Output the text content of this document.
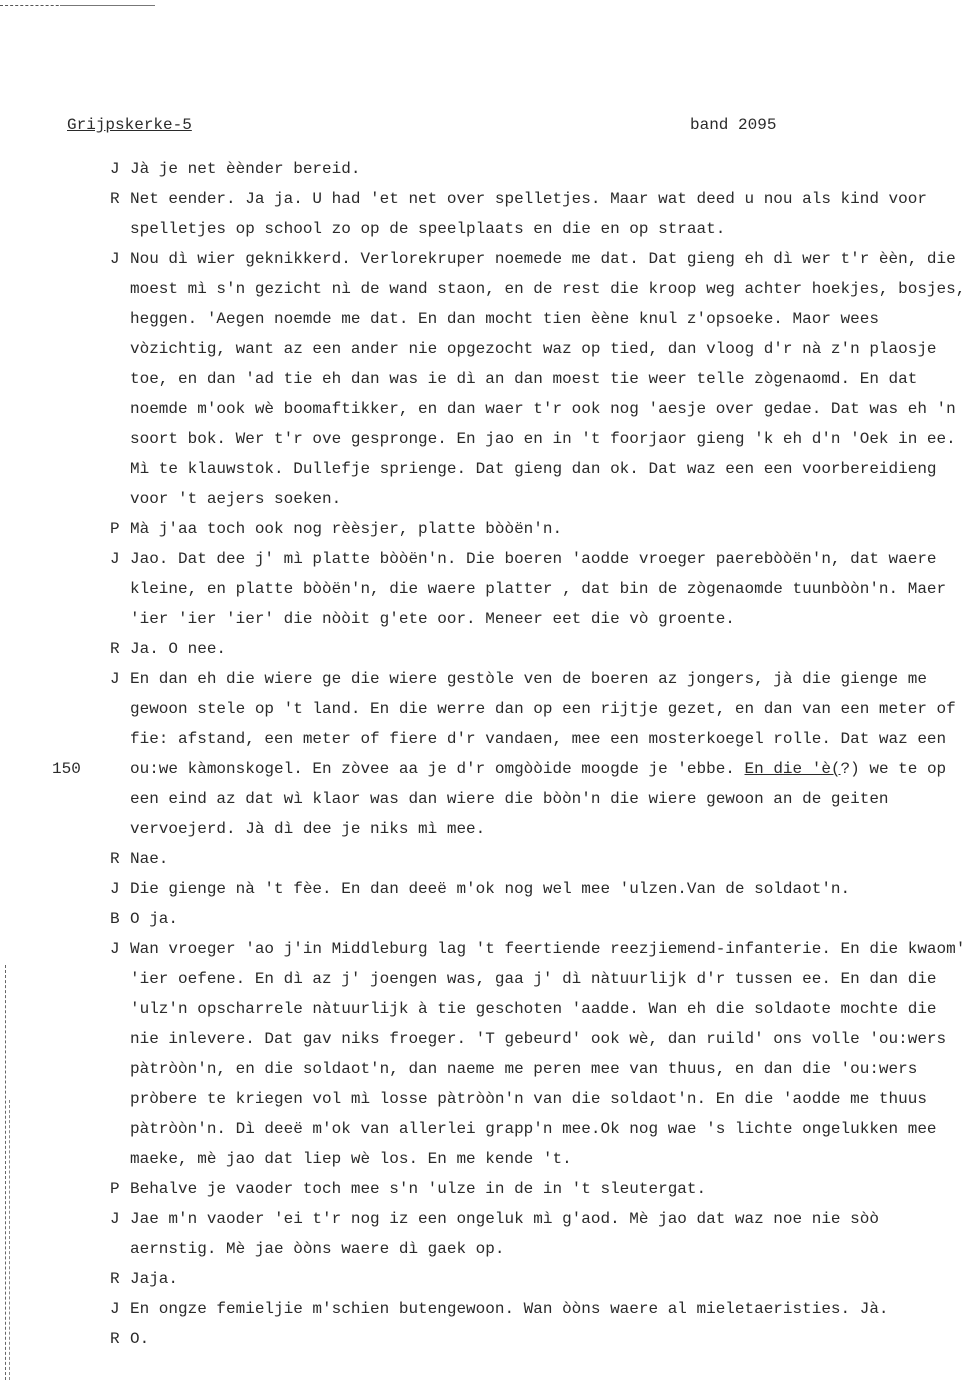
Grijpskerke-5	band 2095
J Jà je net èènder bereid.
R Net eender. Ja ja. U had 'et net over spelletjes. Maar wat deed u nou als kind voor spelletjes op school zo op de speelplaats en die en op straat.
J Nou dì wier geknikkerd. Verlorekruper noemede me dat. Dat gieng eh dì wer t'r èèn, die moest mì s'n gezicht nì de wand staon, en de rest die kroop weg achter hoekjes, bosjes, heggen. 'Aegen noemde me dat. En dan mocht tien èène knul z'opsoeke. Maor wees vòzichtig, want az een ander nie opgezocht waz op tied, dan vloog d'r nà z'n plaosje toe, en dan 'ad tie eh dan was ie dì an dan moest tie weer telle zògenaomd. En dat noemde m'ook wè boomaftikker, en dan waer t'r ook nog 'aesje over gedae. Dat was eh 'n soort bok. Wer t'r ove gespronge. En jao en in 't foorjaor gieng 'k eh d'n 'Oek in ee. Mì te klauwstok. Dullefje spriengе. Dat gieng dan ok. Dat waz een een voorbereidieng voor 't aejers soeken.
P Mà j'aa toch ook nog rèèsjer, platte bòòën'n.
J Jao. Dat dee j' mì platte bòòën'n. Die boeren 'aodde vroeger paerebòòën'n, dat waere kleine, en platte bòòën'n, die waere platter , dat bin de zògenaomde tuunbòòn'n. Maer 'ier 'ier 'ier' die nòòit g'ete oor. Meneer eet die vò groente.
R Ja. O nee.
150
J En dan eh die wiere ge die wiere gestòle ven de boeren az jongers, jà die gienge me gewoon stele op 't land. En die werre dan op een rijtje gezet, en dan van een meter of fie: afstand, een meter of fiere d'r vandaen, mee een mosterkoegel rolle. Dat waz een ou:we kàmonskogel. En zòvee aa je d'r omgòòide moogde je 'ebbe. En die 'è(?) we te op een eind az dat wì klaor was dan wiere die bòòn'n die wiere gewoon an de geiten vervoejerd. Jà dì dee je niks mì mee.
R Nae.
J Die gienge nà 't fèe. En dan deeë m'ok nog wel mee 'ulzen.Van de soldaot'n.
B O ja.
J Wan vroeger 'ao j'in Middleburg lag 't feertiende reezjiemend-infanterie. En die kwaom' 'ier oefene. En dì az j' joengen was, gaa j' dì nàtuurlijk d'r tussen ee. En dan die 'ulz'n opscharrele nàtuurlijk à tie geschoten 'aadde. Wan eh die soldaote mochte die nie inlevere. Dat gav niks froeger. 'T gebeurd' ook wè, dan ruild' ons volle 'ou:wers pàtròòn'n, en die soldaot'n, dan naeme me peren mee van thuus, en dan die 'ou:wers pròbere te kriegen vol mì losse pàtròòn'n van die soldaot'n. En die 'aodde me thuus pàtròòn'n. Dì deeë m'ok van allerlei grapp'n mee.Ok nog wae 's lichte ongelukken mee maeke, mè jao dat liep wè los. En me kende 't.
P Behalve je vaoder toch mee s'n 'ulze in de in 't sleutergat.
J Jae m'n vaoder 'ei t'r nog iz een ongeluk mì g'aod. Mè jao dat waz noe nie sòò aernstig. Mè jae òòns waere dì gaek op.
R Jaja.
J En ongze femieljie m'schien butengewoon. Wan òòns waere al mieletaeristies. Jà.
R O.
